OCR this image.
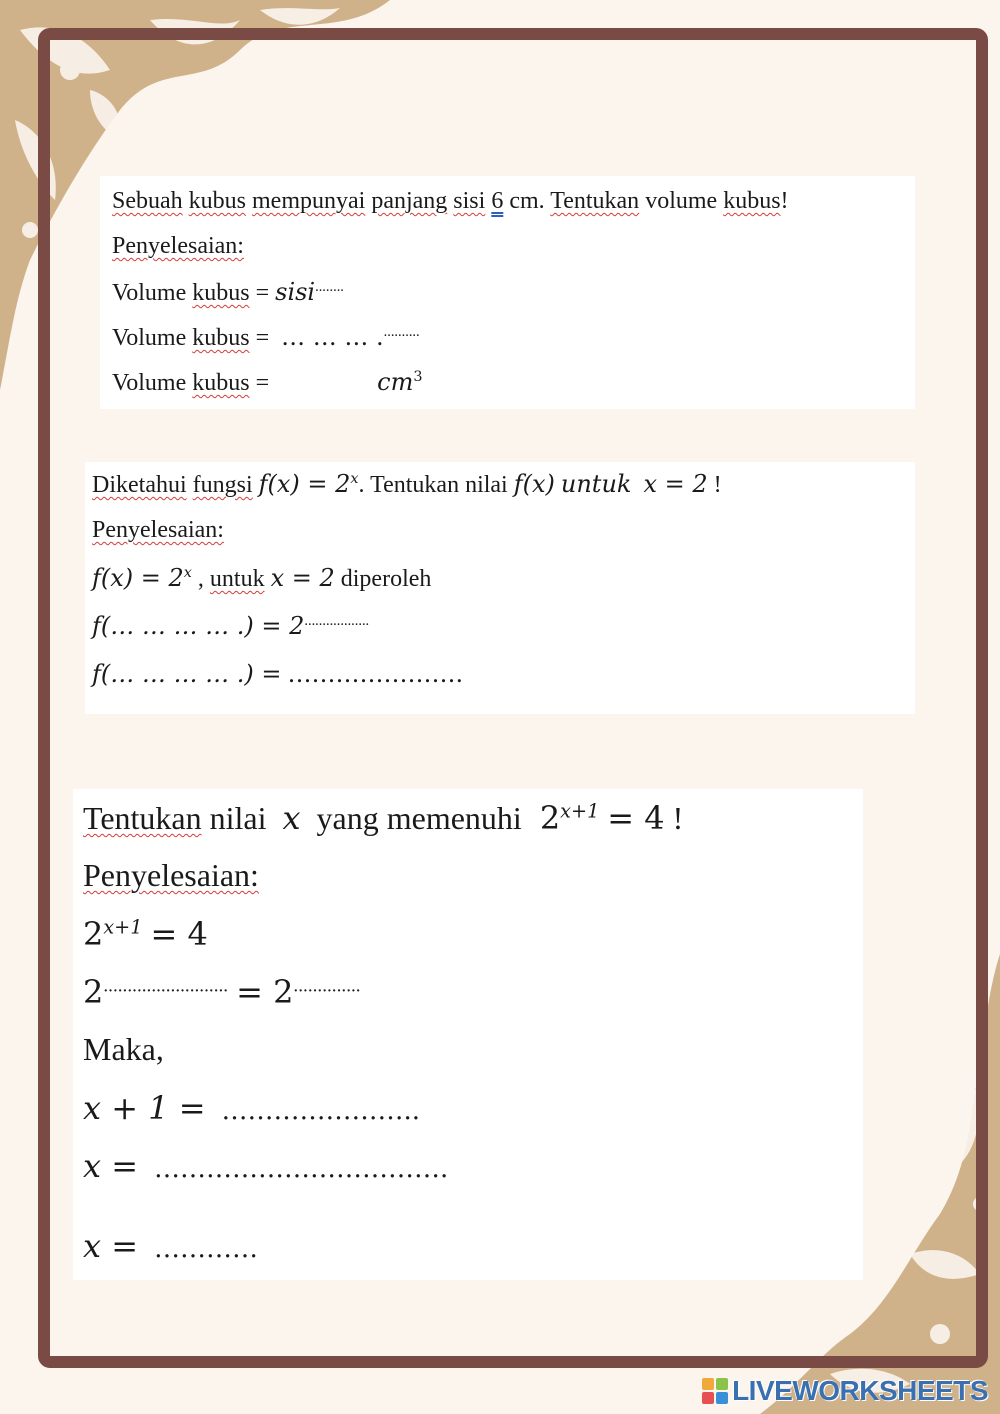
Sebuah kubus mempunyai panjang sisi 6 cm. Tentukan volume kubus!
Penyelesaian:
Volume kubus = sisi........
Volume kubus = … … … ...........
Volume kubus =	$cm^3$
Diketahui fungsi $f(x) = 2^x$. Tentukan nilai f(x) untuk x = 2 !
Penyelesaian:
$f(x) = 2^x$ , untuk x = 2 diperoleh
f(… … … … .) = 2..................
f(… … … … .) = ………………….
Tentukan nilai x yang memenuhi $2^{x+1} = 4$ !
Penyelesaian:
$2^{x+1} = 4$
2.......................... = 2..............
Maka,
x + 1 = …………………..
x = …………………………….
x = …………
LIVEWORKSHEETS
